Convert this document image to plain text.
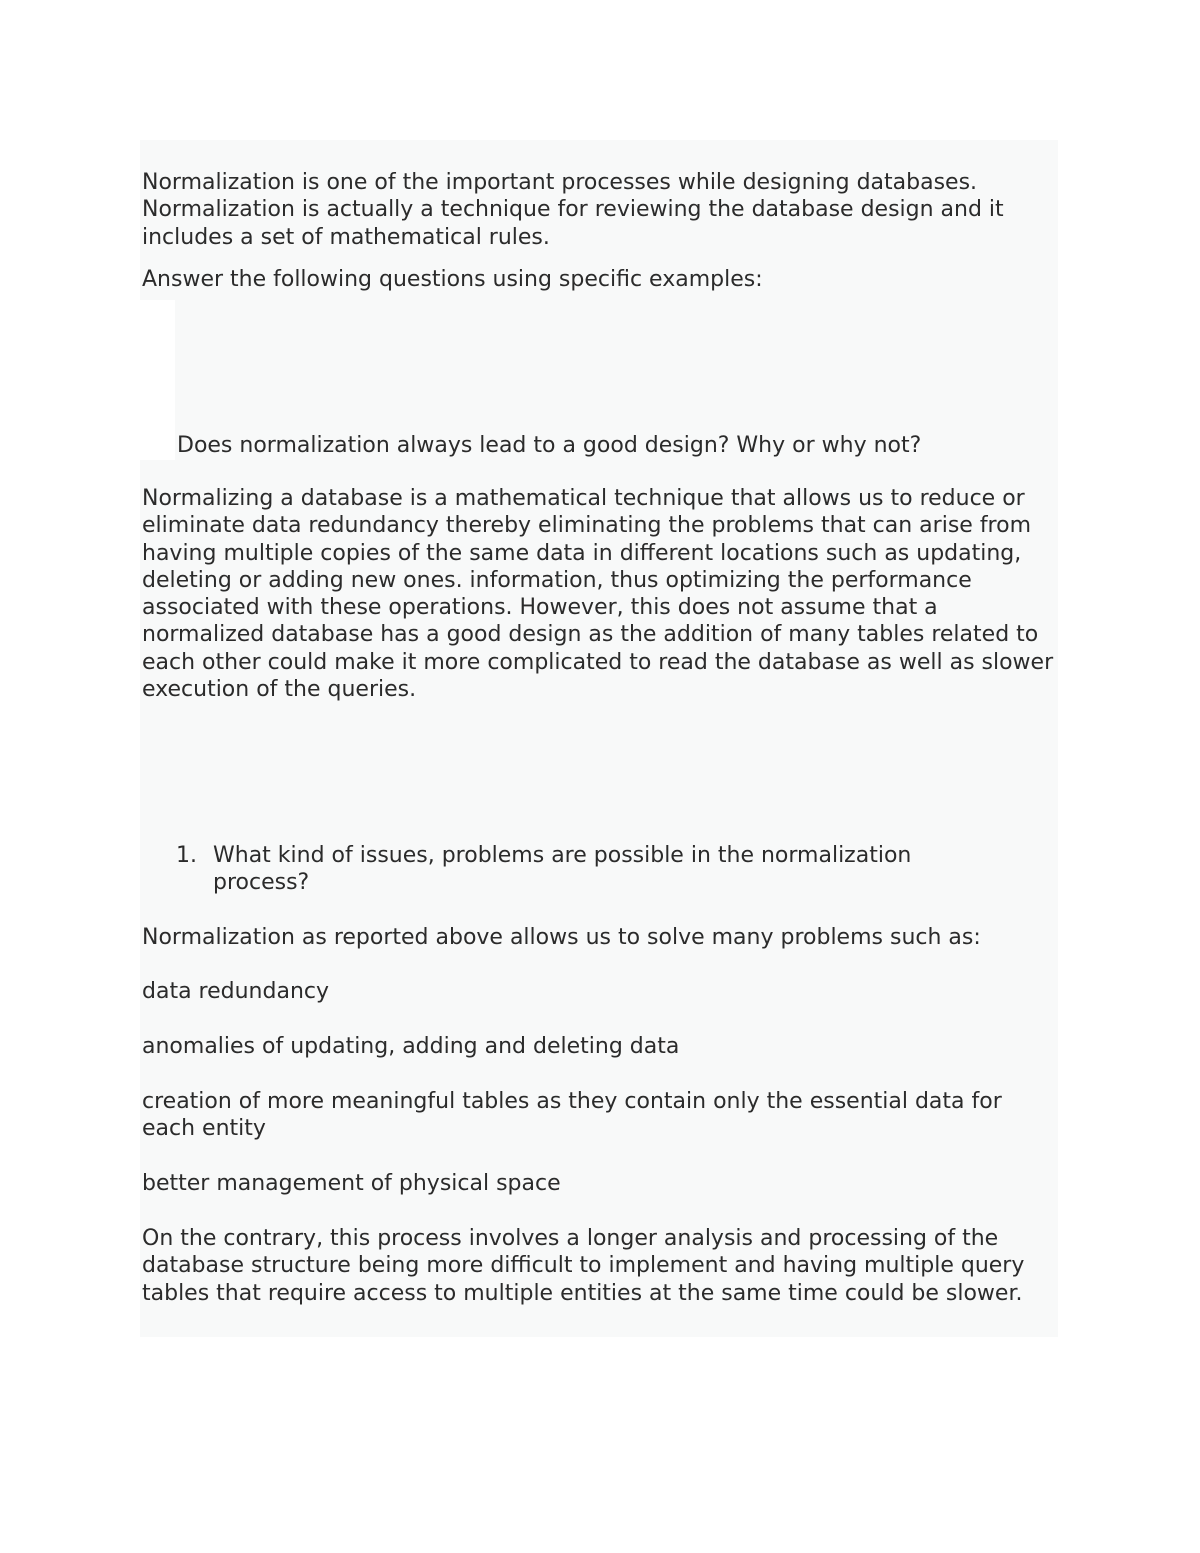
Normalization is one of the important processes while designing databases. Normalization is actually a technique for reviewing the database design and it includes a set of mathematical rules.

Answer the following questions using specific examples:

Does normalization always lead to a good design? Why or why not?

Normalizing a database is a mathematical technique that allows us to reduce or eliminate data redundancy thereby eliminating the problems that can arise from having multiple copies of the same data in different locations such as updating, deleting or adding new ones. information, thus optimizing the performance associated with these operations. However, this does not assume that a normalized database has a good design as the addition of many tables related to each other could make it more complicated to read the database as well as slower execution of the queries.

1. What kind of issues, problems are possible in the normalization process?

Normalization as reported above allows us to solve many problems such as:

data redundancy

anomalies of updating, adding and deleting data

creation of more meaningful tables as they contain only the essential data for each entity

better management of physical space

On the contrary, this process involves a longer analysis and processing of the database structure being more difficult to implement and having multiple query tables that require access to multiple entities at the same time could be slower.
